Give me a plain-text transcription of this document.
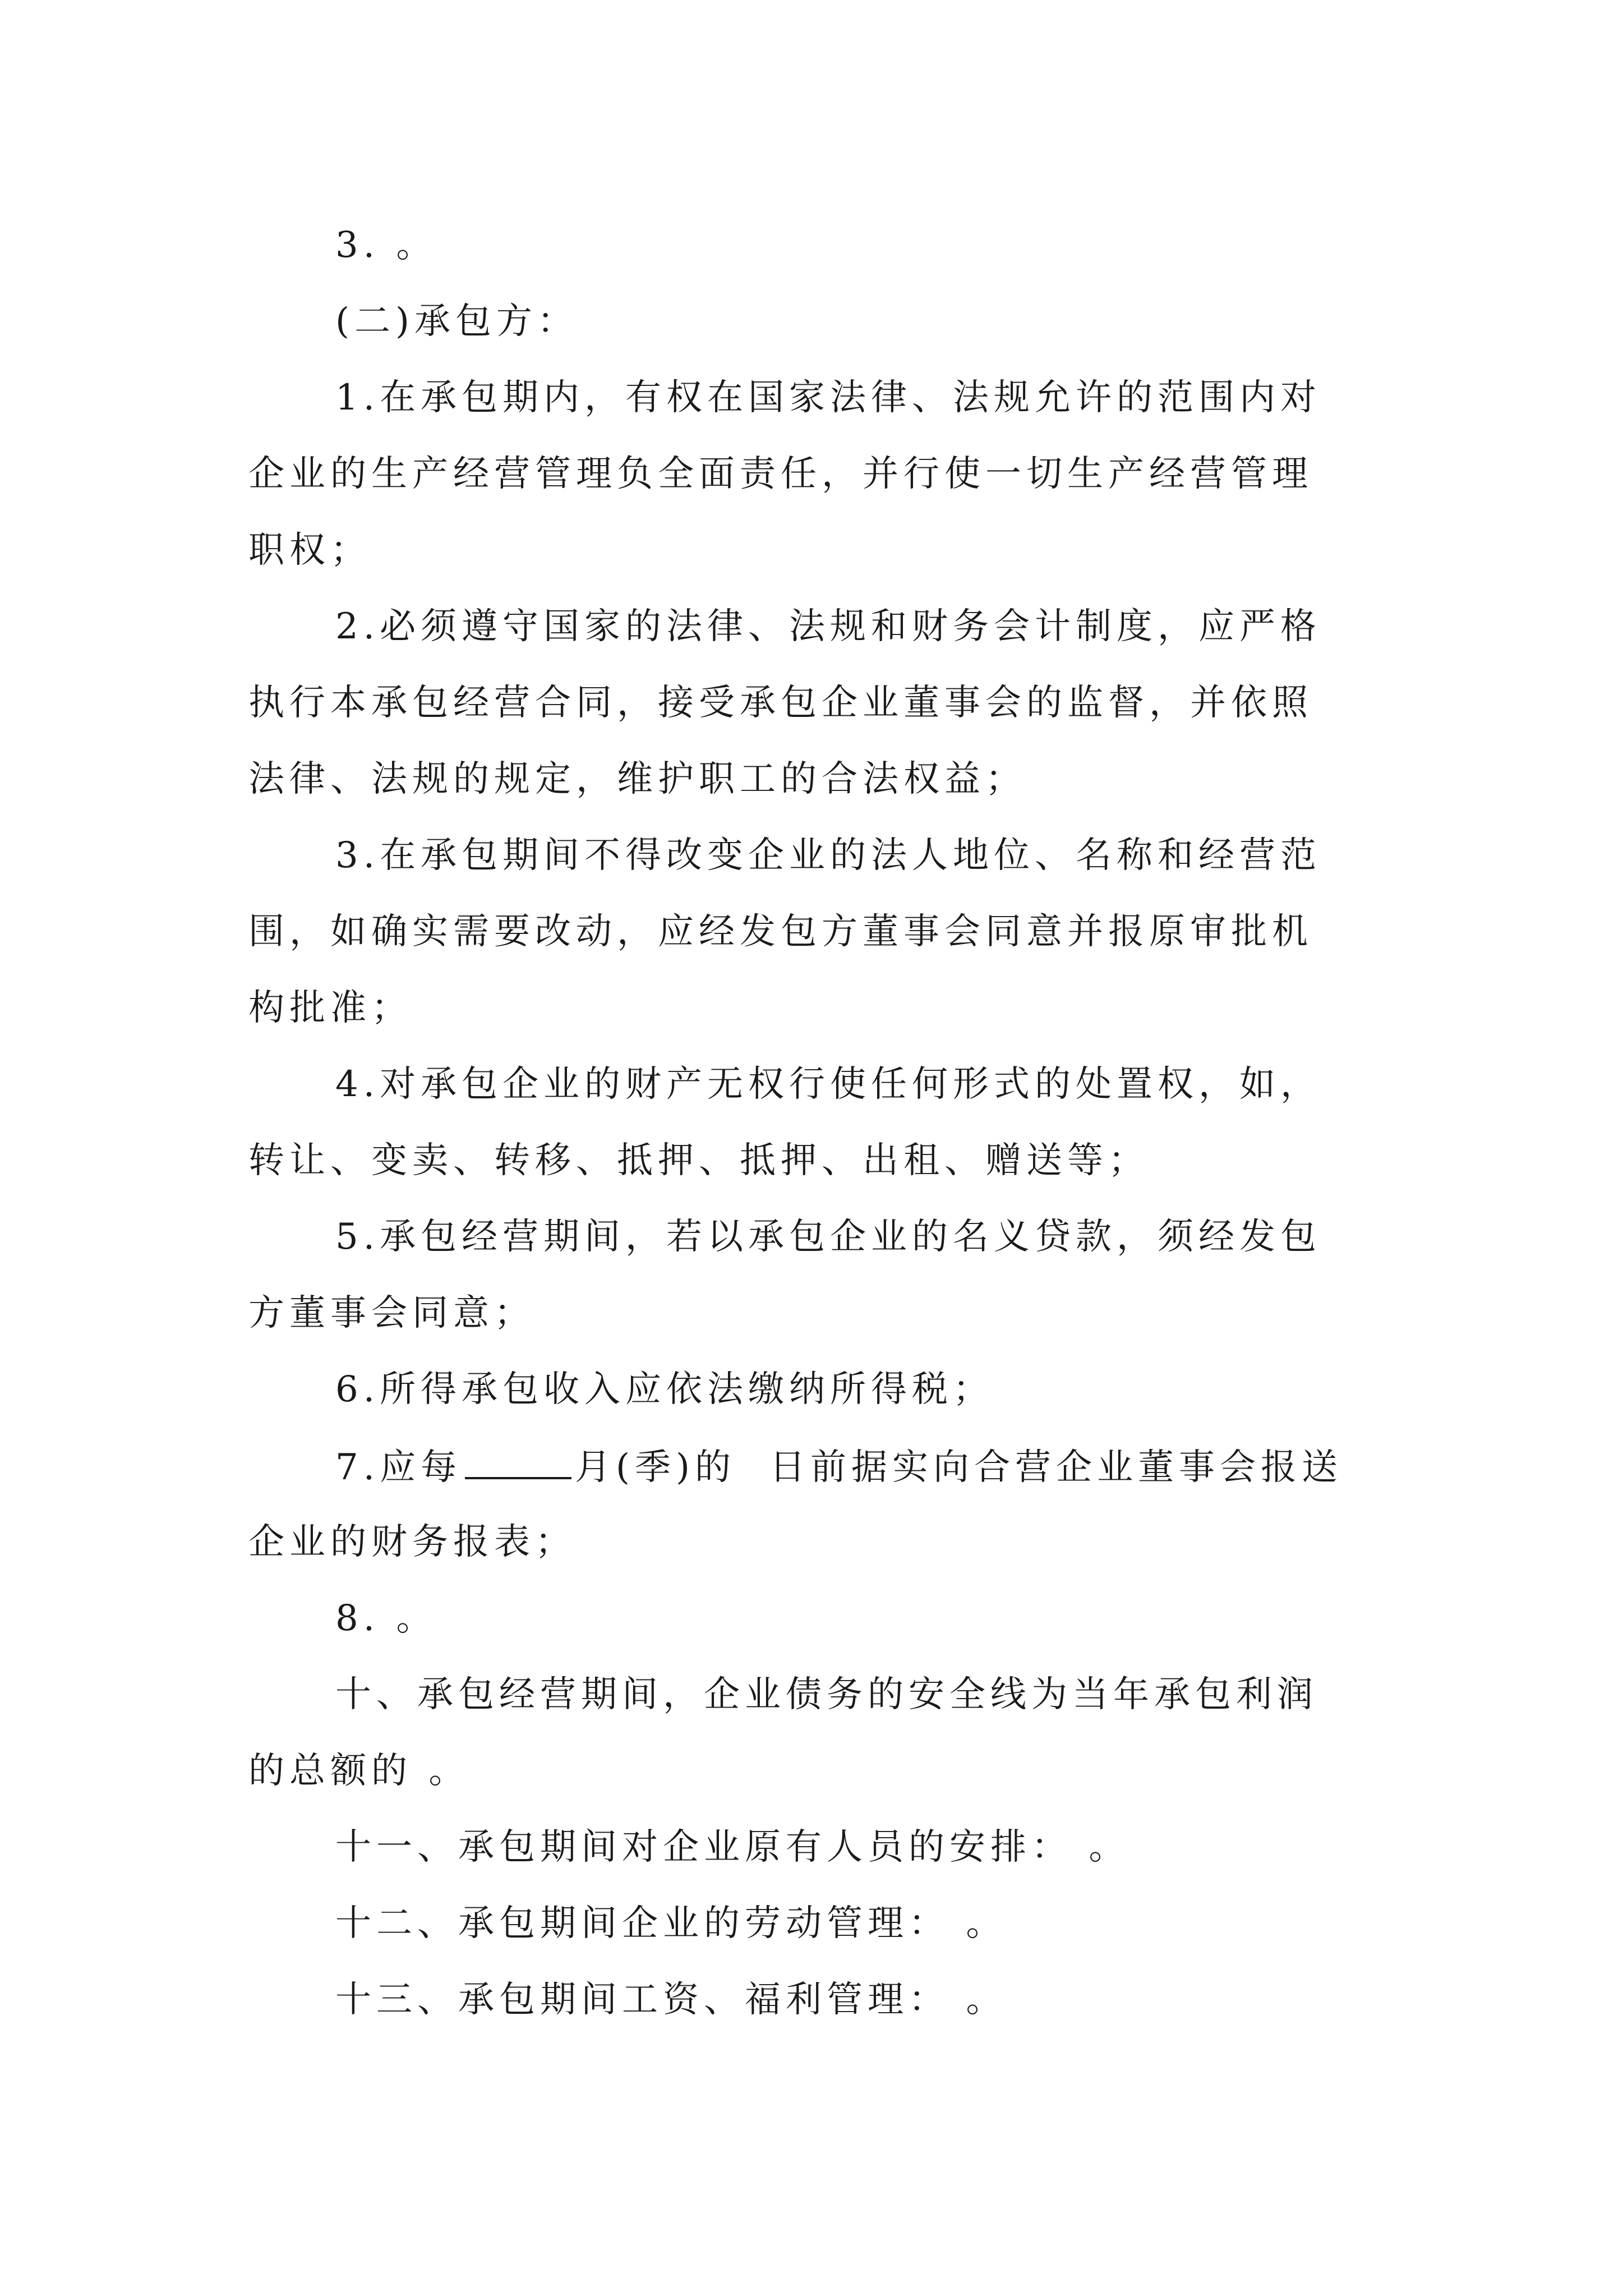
3. 。
(二)承包方：
1.在承包期内，有权在国家法律、法规允许的范围内对
企业的生产经营管理负全面责任，并行使一切生产经营管理
职权；
2.必须遵守国家的法律、法规和财务会计制度，应严格
执行本承包经营合同，接受承包企业董事会的监督，并依照
法律、法规的规定，维护职工的合法权益；
3.在承包期间不得改变企业的法人地位、名称和经营范
围，如确实需要改动，应经发包方董事会同意并报原审批机
构批准；
4.对承包企业的财产无权行使任何形式的处置权，如，
转让、变卖、转移、抵押、抵押、出租、赠送等；
5.承包经营期间，若以承包企业的名义贷款，须经发包
方董事会同意；
6.所得承包收入应依法缴纳所得税；
7.应每	月(季)的 日前据实向合营企业董事会报送
企业的财务报表；
8. 。
十、承包经营期间，企业债务的安全线为当年承包利润
的总额的 。
十一、承包期间对企业原有人员的安排： 。
十二、承包期间企业的劳动管理： 。
十三、承包期间工资、福利管理： 。
